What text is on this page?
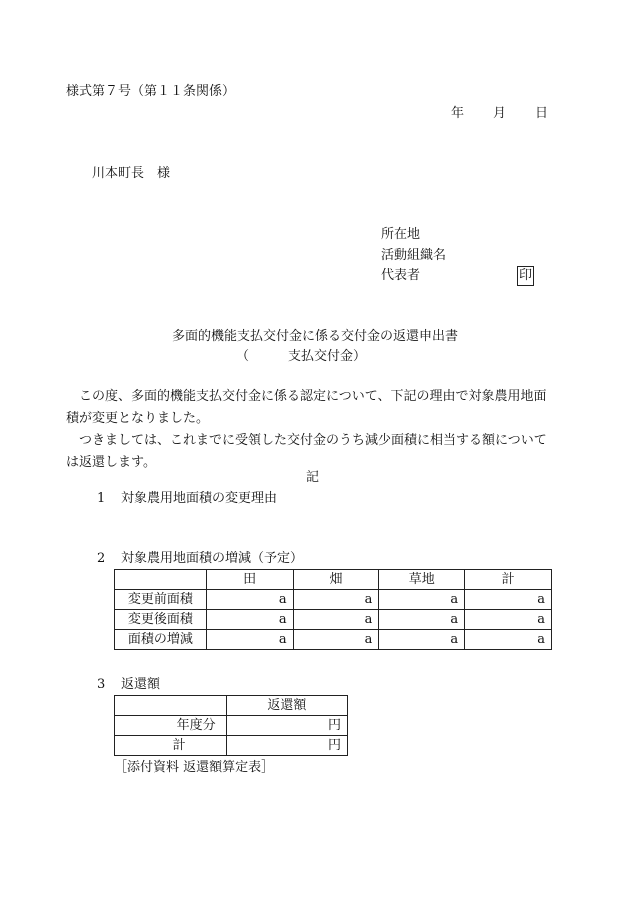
様式第７号（第１１条関係）
年 月 日
川本町長　様
所在地
活動組織名
代表者	印
多面的機能支払交付金に係る交付金の返還申出書
（　　　支払交付金）

この度、多面的機能支払交付金に係る認定について、下記の理由で対象農用地面積が変更となりました。

つきましては、これまでに受領した交付金のうち減少面積に相当する額については返還します。

記
1 対象農用地面積の変更理由
2 対象農用地面積の増減（予定）
	田	畑	草地	計
変更前面積	a	a	a	a
変更後面積	a	a	a	a
面積の増減	a	a	a	a
3 返還額
	返還額
年度分	円
計	円
［添付資料 返還額算定表］
